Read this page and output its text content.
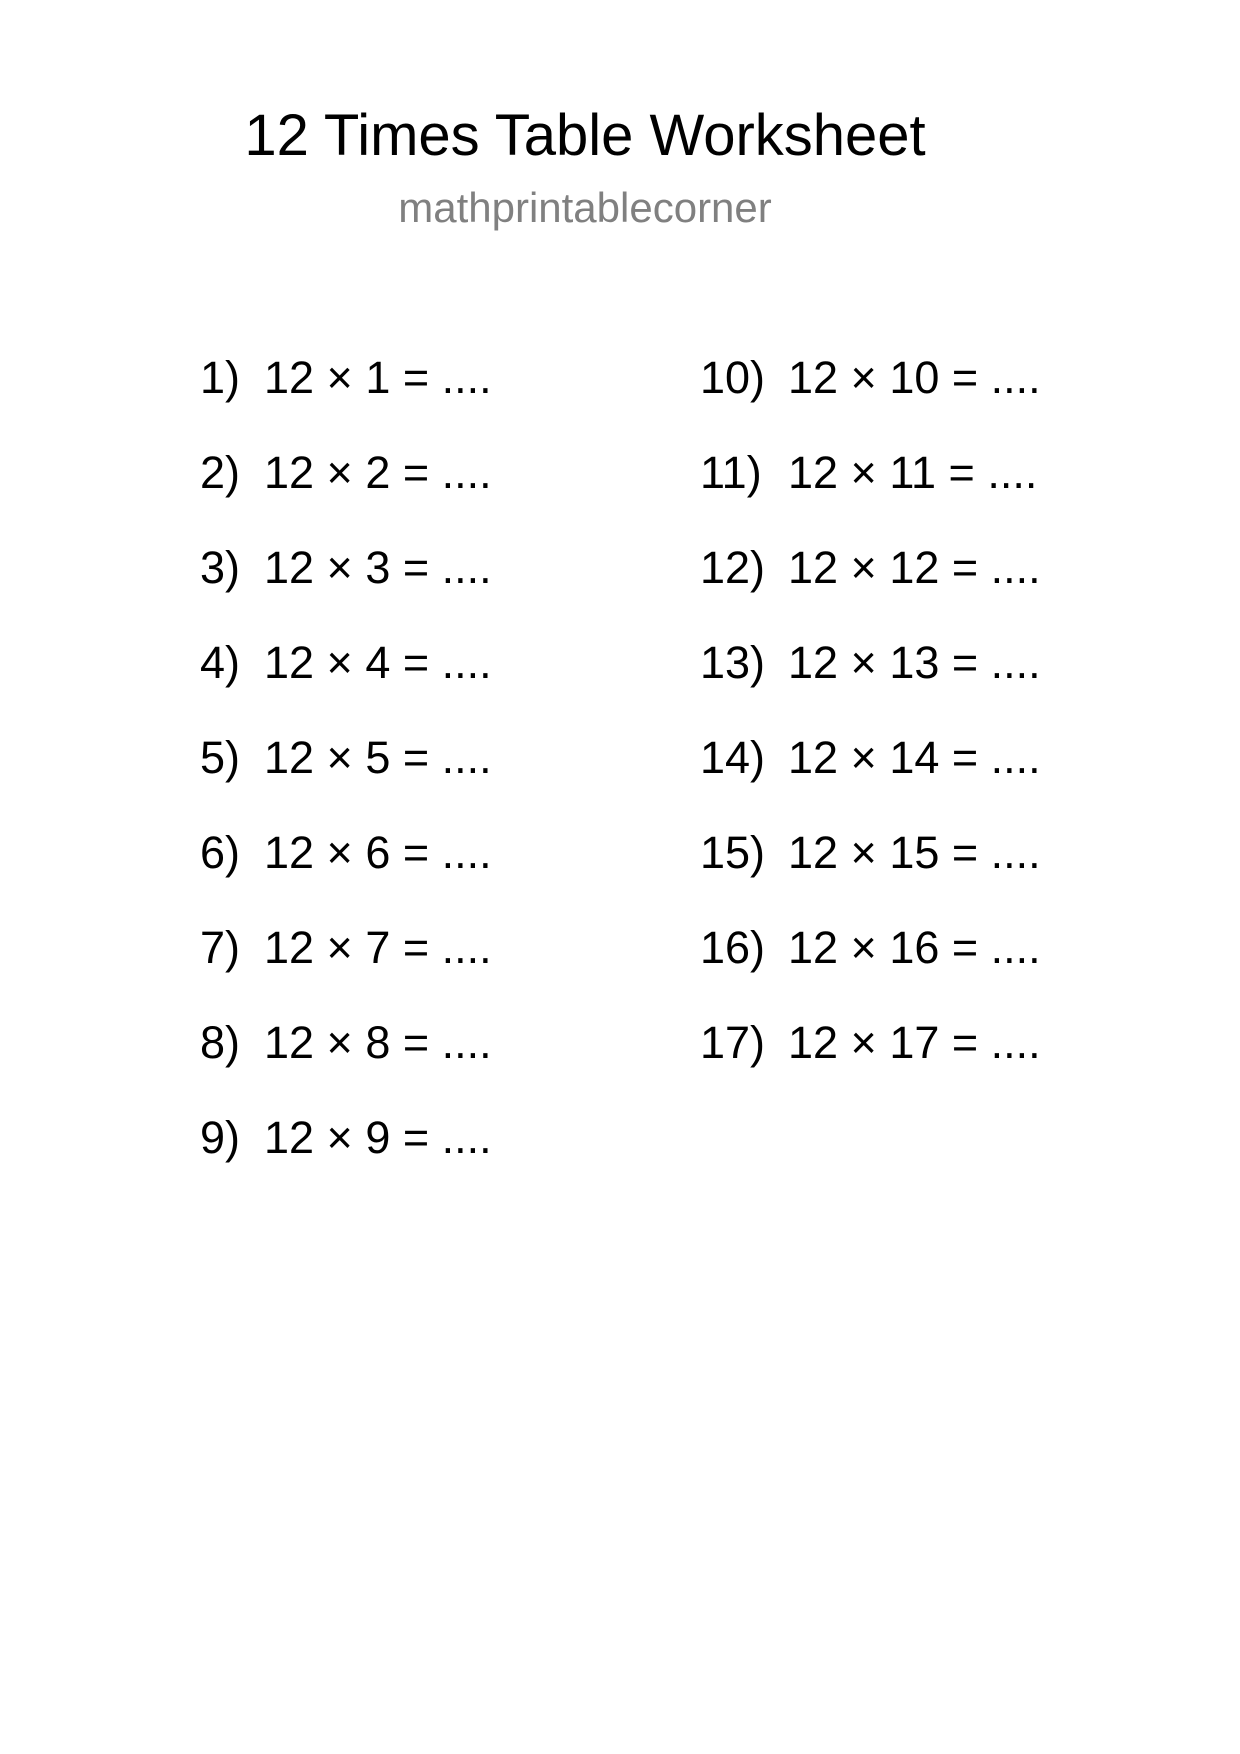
12 Times Table Worksheet
mathprintablecorner
1) 12 × 1 = ....
2) 12 × 2 = ....
3) 12 × 3 = ....
4) 12 × 4 = ....
5) 12 × 5 = ....
6) 12 × 6 = ....
7) 12 × 7 = ....
8) 12 × 8 = ....
9) 12 × 9 = ....
10) 12 × 10 = ....
11) 12 × 11 = ....
12) 12 × 12 = ....
13) 12 × 13 = ....
14) 12 × 14 = ....
15) 12 × 15 = ....
16) 12 × 16 = ....
17) 12 × 17 = ....
